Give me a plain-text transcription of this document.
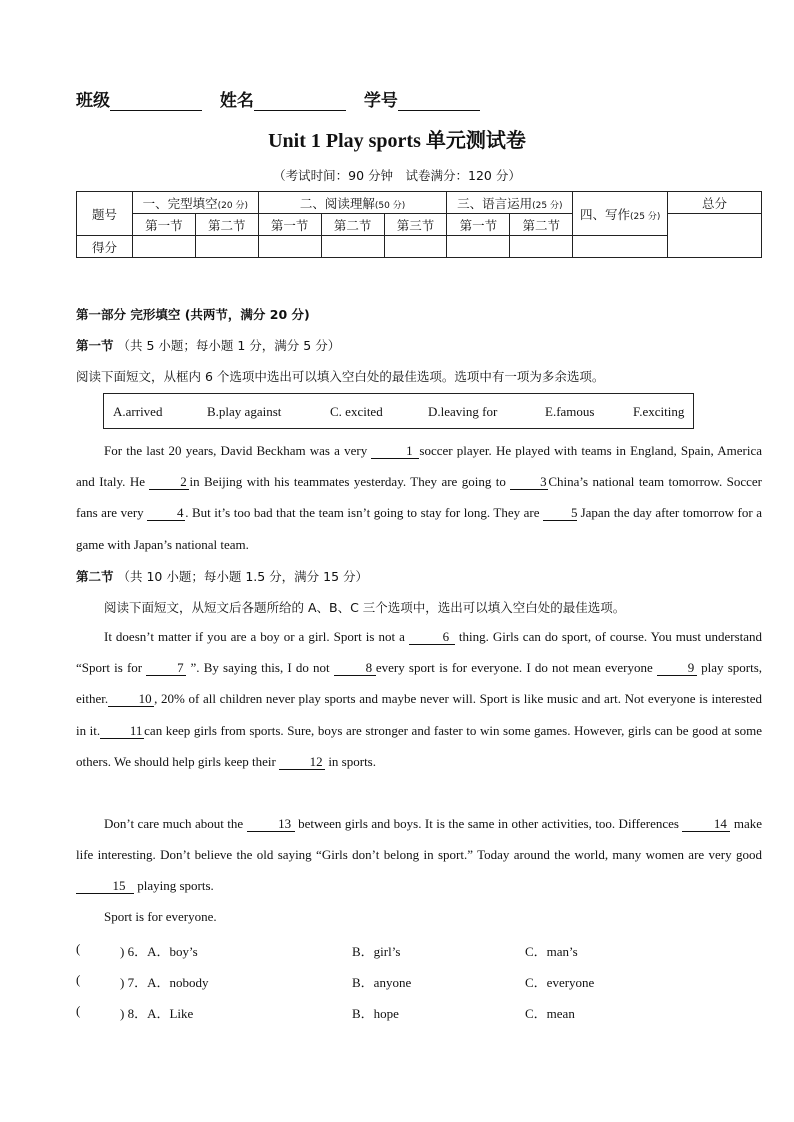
班级	姓名	学号
Unit 1 Play sports 单元测试卷
（考试时间：90 分钟　试卷满分：120 分）
题号	一、完型填空(20 分)		二、阅读理解(50 分)			三、语言运用(25 分)		四、写作(25 分)	总分
	第一节	第二节	第一节	第二节	第三节	第一节	第二节		
得分									
第一部分 完形填空 (共两节，满分 20 分)
第一节 （共 5 小题；每小题 1 分，满分 5 分）
阅读下面短文，从框内 6 个选项中选出可以填入空白处的最佳选项。选项中有一项为多余选项。
A.arrived	B.play against	C. excited	D.leaving for	E.famous	F.exciting
For the last 20 years, David Beckham was a very	1 soccer player. He played with teams in England, Spain, America and Italy. He	2 in Beijing with his teammates yesterday. They are going to	3 China’s national team tomorrow. Soccer fans are very	4 . But it’s too bad that the team isn’t going to stay for long. They are 5 Japan the day after tomorrow for a game with Japan’s national team.
第二节 （共 10 小题；每小题 1.5 分，满分 15 分）
阅读下面短文，从短文后各题所给的 A、B、C 三个选项中，选出可以填入空白处的最佳选项。
It doesn’t matter if you are a boy or a girl. Sport is not a	6 thing. Girls can do sport, of course. You must understand “Sport is for	7 ”. By saying this, I do not	8 every sport is for everyone. I do not mean everyone	9 play sports, either. 10 , 20% of all children never play sports and maybe never will. Sport is like music and art. Not everyone is interested in it. 11 can keep girls from sports. Sure, boys are stronger and faster to win some games. However, girls can be good at some others. We should help girls keep their	12 in sports.
Don’t care much about the	13 between girls and boys. It is the same in other activities, too. Differences	14 make life interesting. Don’t believe the old saying “Girls don’t belong in sport.” Today around the world, many women are very good 15 playing sports.
Sport is for everyone.
(	) 6．A．boy’s	B．girl’s	C．man’s
(	) 7．A．nobody	B．anyone	C．everyone
(	) 8．A．Like	B．hope	C．mean
